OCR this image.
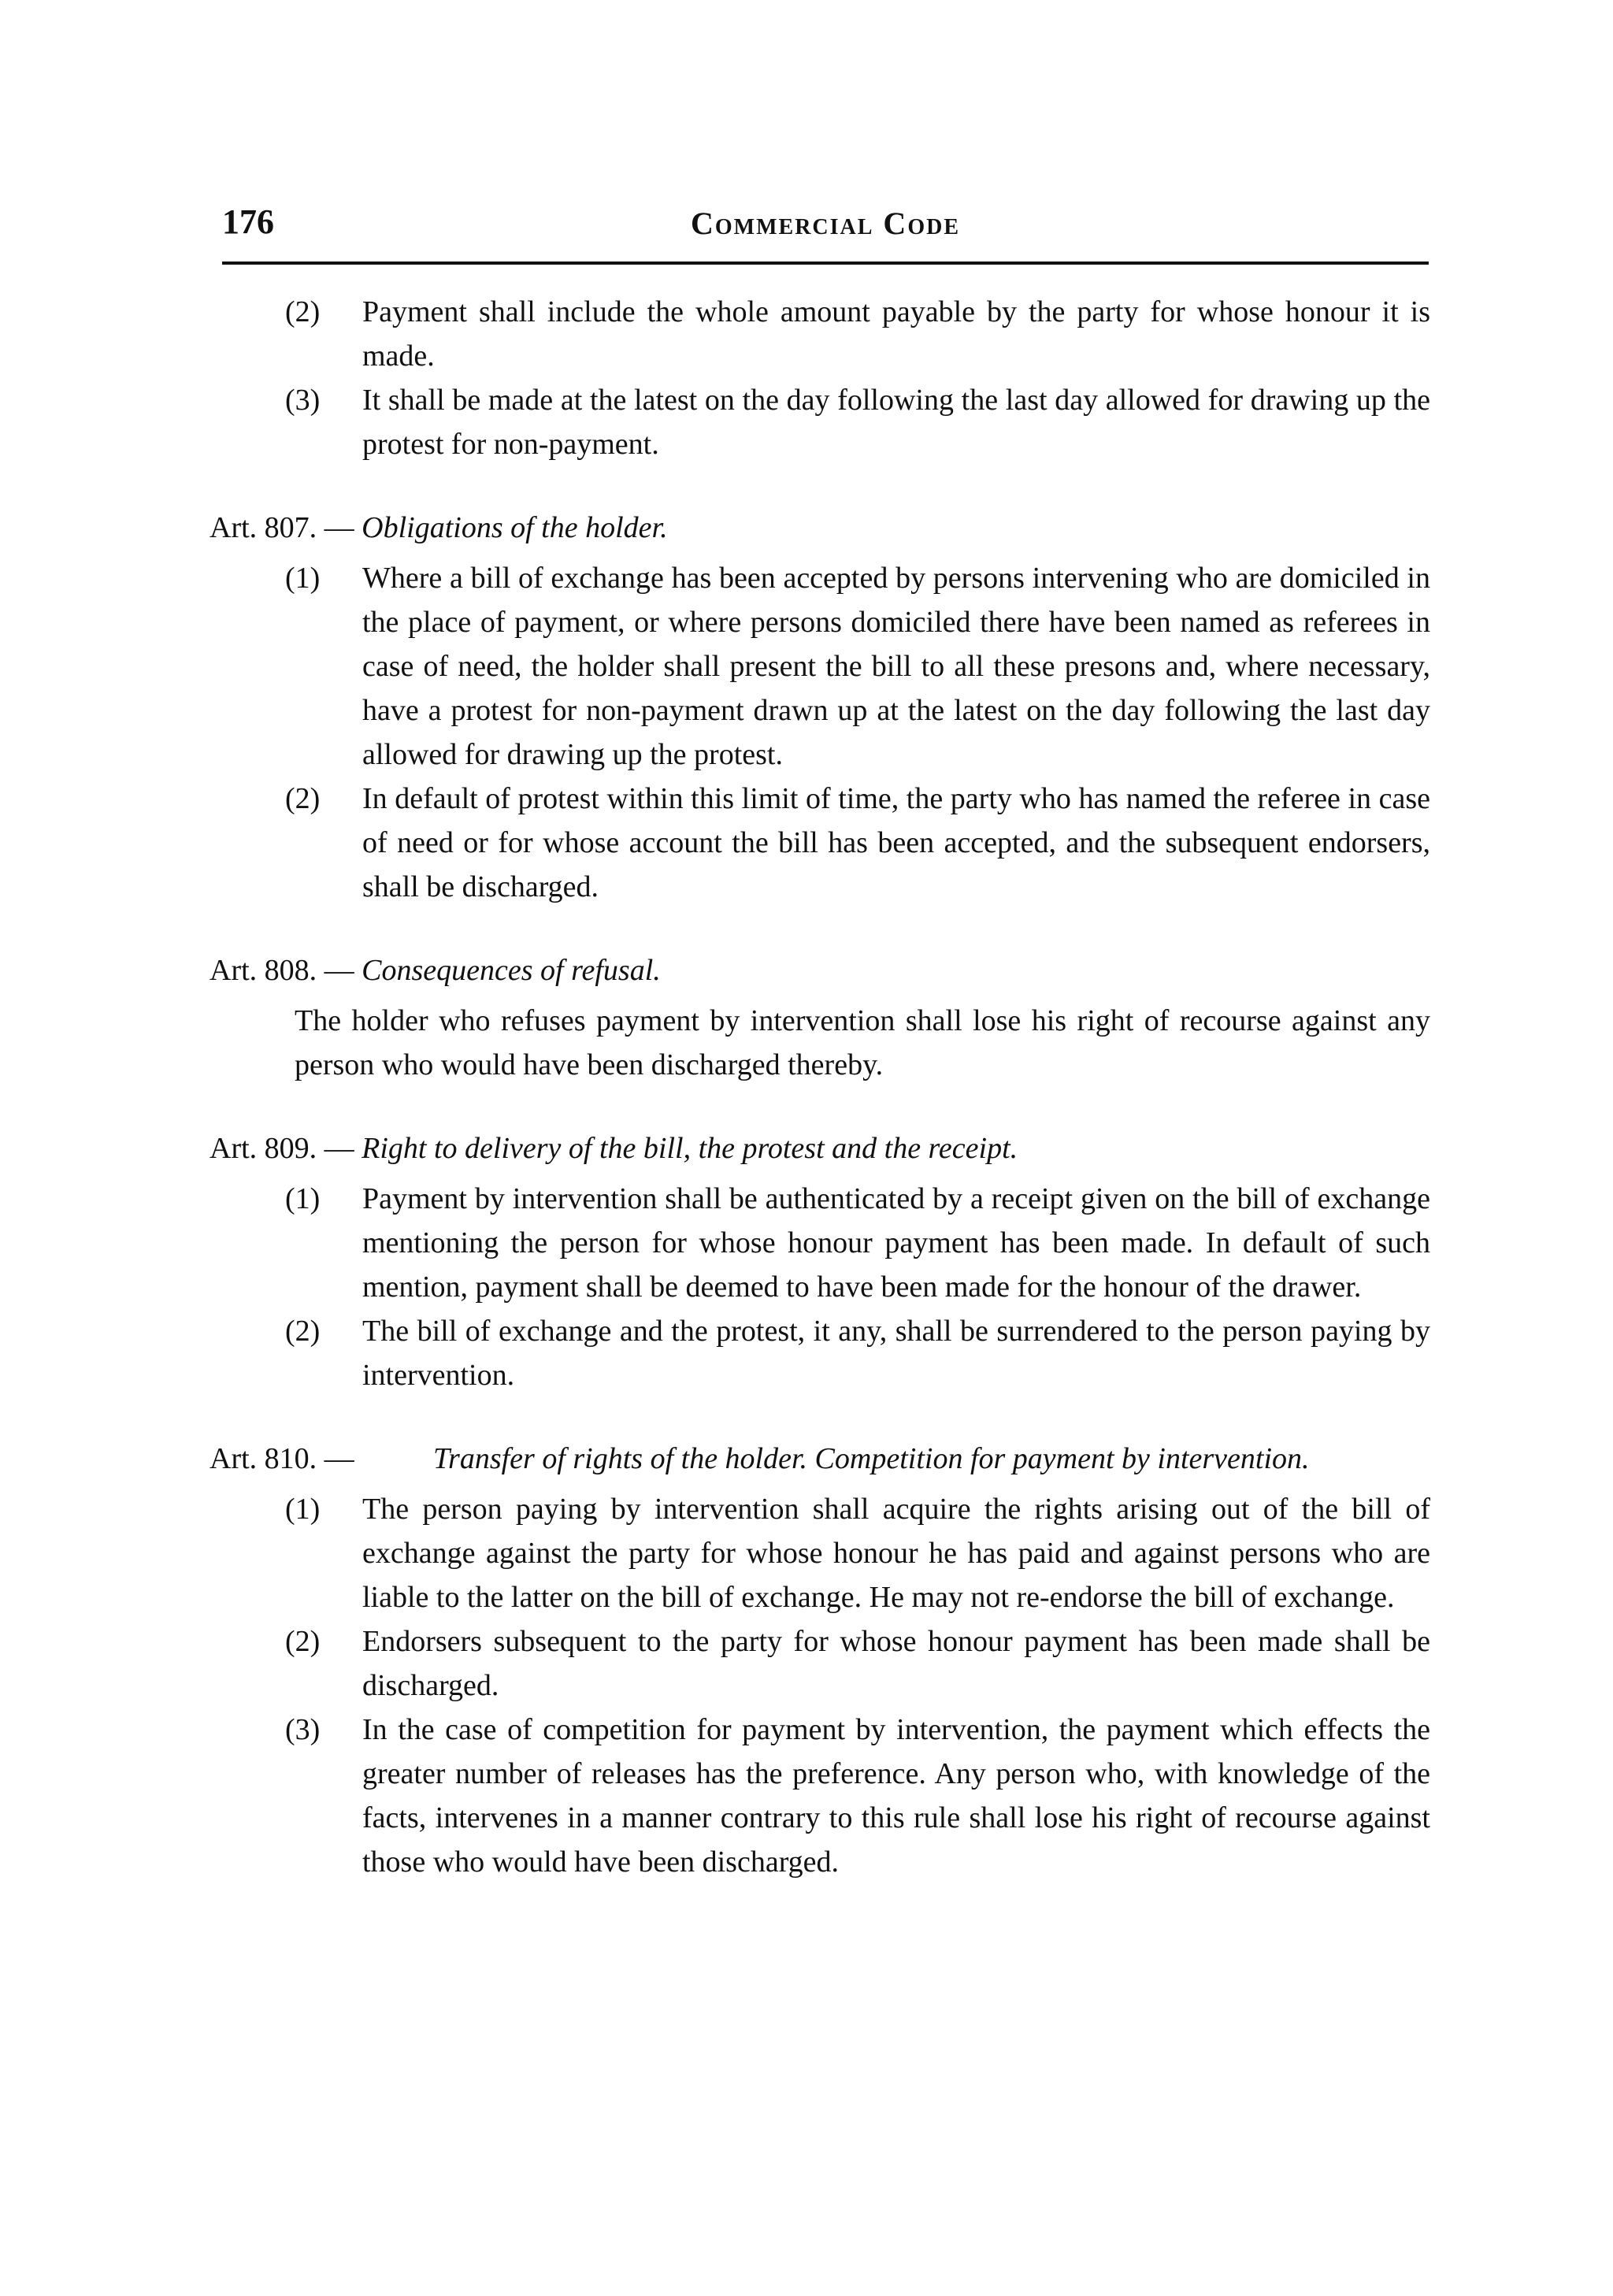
176	Commercial Code

(2) Payment shall include the whole amount payable by the party for whose honour it is made.

(3) It shall be made at the latest on the day following the last day allowed for drawing up the protest for non-payment.

Art. 807. — Obligations of the holder.

(1) Where a bill of exchange has been accepted by persons intervening who are domiciled in the place of payment, or where persons domiciled there have been named as referees in case of need, the holder shall present the bill to all these presons and, where necessary, have a protest for non-payment drawn up at the latest on the day following the last day allowed for drawing up the protest.

(2) In default of protest within this limit of time, the party who has named the referee in case of need or for whose account the bill has been accepted, and the subsequent endorsers, shall be discharged.

Art. 808. — Consequences of refusal.

The holder who refuses payment by intervention shall lose his right of recourse against any person who would have been discharged thereby.

Art. 809. — Right to delivery of the bill, the protest and the receipt.

(1) Payment by intervention shall be authenticated by a receipt given on the bill of exchange mentioning the person for whose honour payment has been made. In default of such mention, payment shall be deemed to have been made for the honour of the drawer.

(2) The bill of exchange and the protest, it any, shall be surrendered to the person paying by intervention.

Art. 810. —	Transfer of rights of the holder. Competition for payment by intervention.

(1) The person paying by intervention shall acquire the rights arising out of the bill of exchange against the party for whose honour he has paid and against persons who are liable to the latter on the bill of exchange. He may not re-endorse the bill of exchange.

(2) Endorsers subsequent to the party for whose honour payment has been made shall be discharged.

(3) In the case of competition for payment by intervention, the payment which effects the greater number of releases has the preference. Any person who, with knowledge of the facts, intervenes in a manner contrary to this rule shall lose his right of recourse against those who would have been discharged.
